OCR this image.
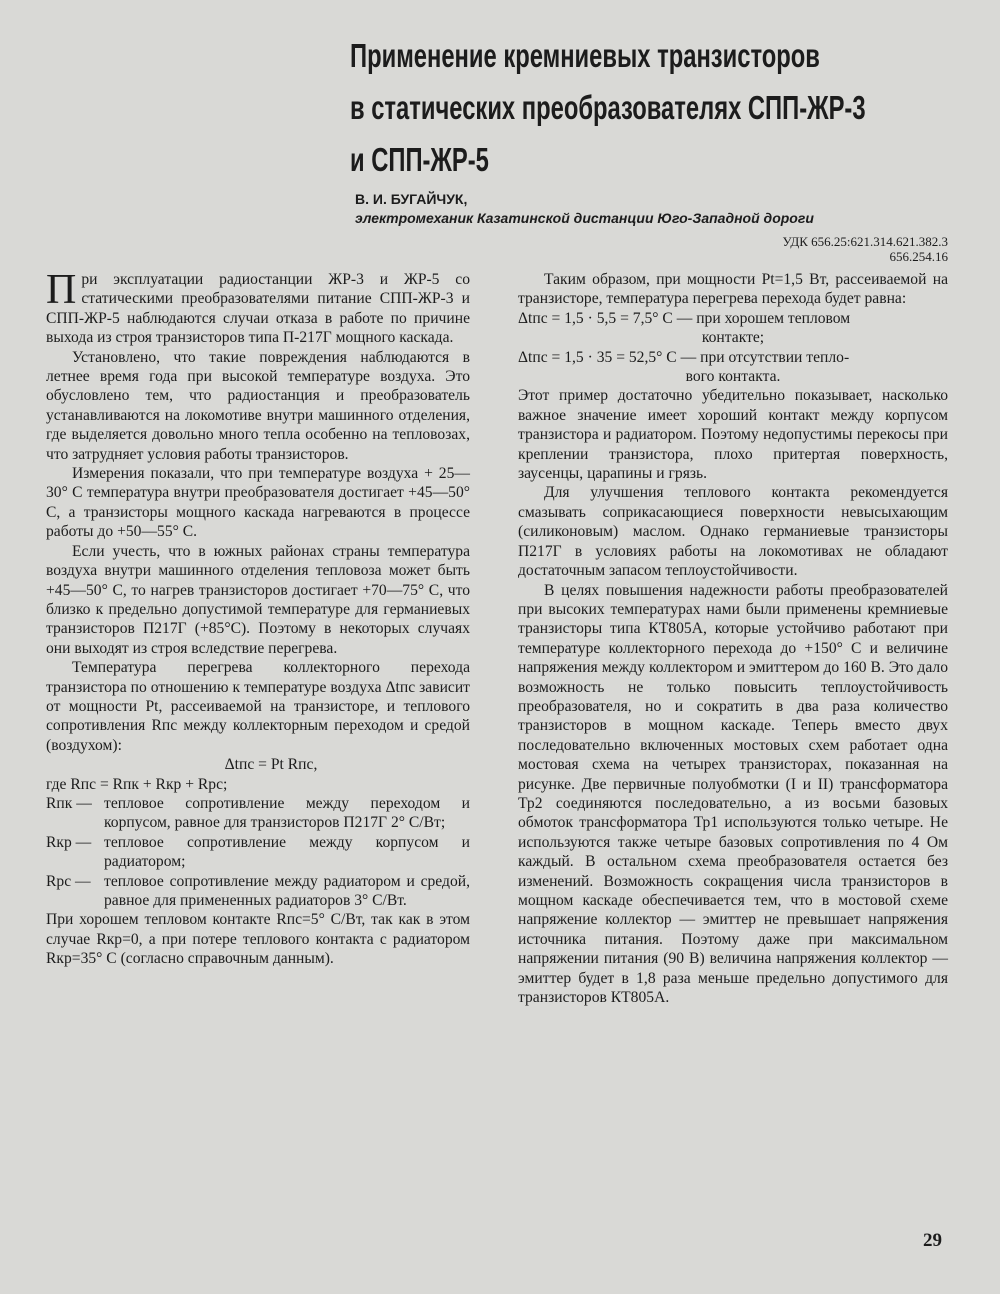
Применение кремниевых транзисторов
в статических преобразователях СПП-ЖР-3
и СПП-ЖР-5
В. И. БУГАЙЧУК,
электромеханик Казатинской дистанции Юго-Западной дороги
УДК 656.25:621.314.621.382.3
656.254.16

При эксплуатации радиостанции ЖР-3 и ЖР-5 со статическими преобразователями питание СПП-ЖР-3 и СПП-ЖР-5 наблюдаются случаи отказа в работе по причине выхода из строя транзисторов типа П-217Г мощного каскада.

Установлено, что такие повреждения наблюдаются в летнее время года при высокой температуре воздуха. Это обусловлено тем, что радиостанция и преобразователь устанавливаются на локомотиве внутри машинного отделения, где выделяется довольно много тепла особенно на тепловозах, что затрудняет условия работы транзисторов.

Измерения показали, что при температуре воздуха + 25—30° С температура внутри преобразователя достигает +45—50° С, а транзисторы мощного каскада нагреваются в процессе работы до +50—55° С.

Если учесть, что в южных районах страны температура воздуха внутри машинного отделения тепловоза может быть +45—50° С, то нагрев транзисторов достигает +70—75° С, что близко к предельно допустимой температуре для германиевых транзисторов П217Г (+85°С). Поэтому в некоторых случаях они выходят из строя вследствие перегрева.

Температура перегрева коллекторного перехода транзистора по отношению к температуре воздуха Δtпс зависит от мощности Pt, рассеиваемой на транзисторе, и теплового сопротивления Rпс между коллекторным переходом и средой (воздухом):

Δtпс = Pt Rпс,

где Rпс = Rпк + Rкр + Rрс;

Rпк — тепловое сопротивление между переходом и корпусом, равное для транзисторов П217Г 2° С/Вт;
Rкр — тепловое сопротивление между корпусом и радиатором;
Rрс — тепловое сопротивление между радиатором и средой, равное для примененных радиаторов 3° С/Вт.

При хорошем тепловом контакте Rпс=5° С/Вт, так как в этом случае Rкр=0, а при потере теплового контакта с радиатором Rкр=35° С (согласно справочным данным).

Таким образом, при мощности Pt=1,5 Вт, рассеиваемой на транзисторе, температура перегрева перехода будет равна:

Δtпс = 1,5 · 5,5 = 7,5° С — при хорошем тепловом

контакте;

Δtпс = 1,5 · 35 = 52,5° С — при отсутствии тепло-

вого контакта.

Этот пример достаточно убедительно показывает, насколько важное значение имеет хороший контакт между корпусом транзистора и радиатором. Поэтому недопустимы перекосы при креплении транзистора, плохо притертая поверхность, заусенцы, царапины и грязь.

Для улучшения теплового контакта рекомендуется смазывать соприкасающиеся поверхности невысыхающим (силиконовым) маслом. Однако германиевые транзисторы П217Г в условиях работы на локомотивах не обладают достаточным запасом теплоустойчивости.

В целях повышения надежности работы преобразователей при высоких температурах нами были применены кремниевые транзисторы типа КТ805А, которые устойчиво работают при температуре коллекторного перехода до +150° С и величине напряжения между коллектором и эмиттером до 160 В. Это дало возможность не только повысить теплоустойчивость преобразователя, но и сократить в два раза количество транзисторов в мощном каскаде. Теперь вместо двух последовательно включенных мостовых схем работает одна мостовая схема на четырех транзисторах, показанная на рисунке. Две первичные полуобмотки (I и II) трансформатора Тр2 соединяются последовательно, а из восьми базовых обмоток трансформатора Тр1 используются только четыре. Не используются также четыре базовых сопротивления по 4 Ом каждый. В остальном схема преобразователя остается без изменений. Возможность сокращения числа транзисторов в мощном каскаде обеспечивается тем, что в мостовой схеме напряжение коллектор — эмиттер не превышает напряжения источника питания. Поэтому даже при максимальном напряжении питания (90 В) величина напряжения коллектор — эмиттер будет в 1,8 раза меньше предельно допустимого для транзисторов КТ805А.

29
